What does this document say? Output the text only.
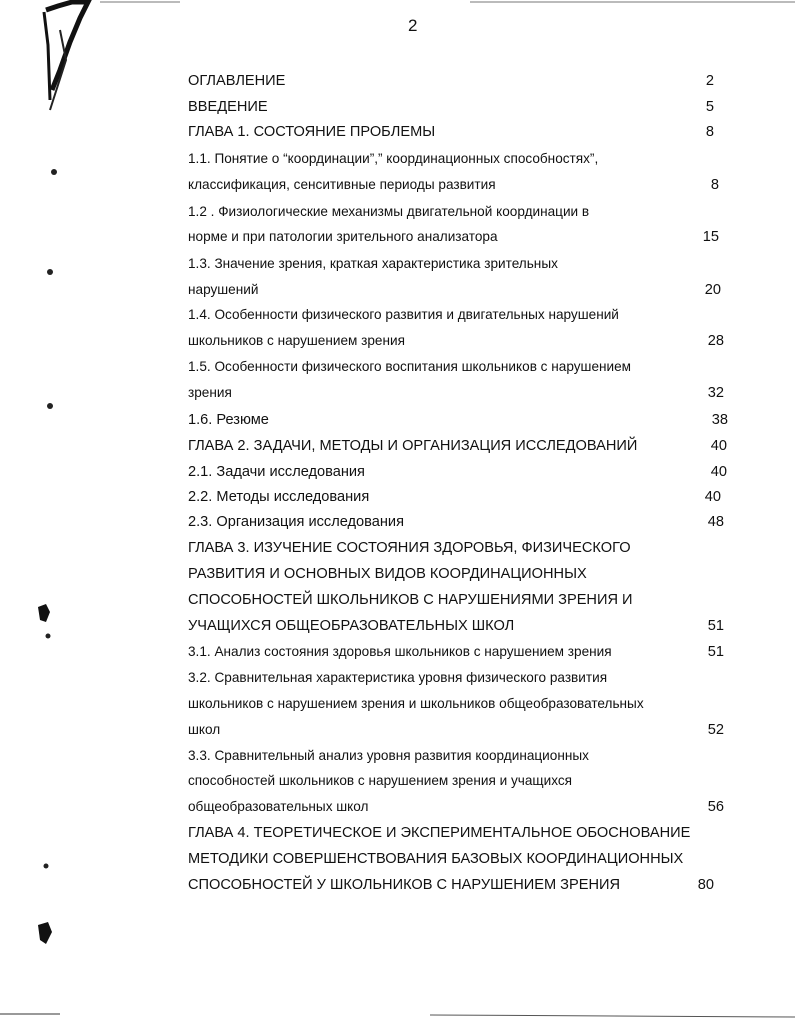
2
ОГЛАВЛЕНИЕ	2
ВВЕДЕНИЕ	5
ГЛАВА 1. СОСТОЯНИЕ ПРОБЛЕМЫ	8
1.1. Понятие о “координации”,” координационных способностях”,
классификация, сенситивные периоды развития	8
1.2 . Физиологические механизмы двигательной координации в
норме и при патологии зрительного анализатора	15
1.3. Значение зрения, краткая характеристика зрительных
нарушений	20
1.4. Особенности физического развития и двигательных нарушений
школьников с нарушением зрения	28
1.5. Особенности физического воспитания школьников с нарушением
зрения	32
1.6. Резюме	38
ГЛАВА 2. ЗАДАЧИ, МЕТОДЫ И ОРГАНИЗАЦИЯ ИССЛЕДОВАНИЙ	40
2.1. Задачи исследования	40
2.2. Методы исследования	40
2.3. Организация исследования	48
ГЛАВА 3. ИЗУЧЕНИЕ СОСТОЯНИЯ ЗДОРОВЬЯ, ФИЗИЧЕСКОГО
РАЗВИТИЯ И ОСНОВНЫХ ВИДОВ КООРДИНАЦИОННЫХ
СПОСОБНОСТЕЙ ШКОЛЬНИКОВ С НАРУШЕНИЯМИ ЗРЕНИЯ И
УЧАЩИХСЯ ОБЩЕОБРАЗОВАТЕЛЬНЫХ ШКОЛ	51
3.1. Анализ состояния здоровья школьников с нарушением зрения	51
3.2. Сравнительная характеристика уровня физического развития
школьников с нарушением зрения и школьников общеобразовательных
школ	52
3.3. Сравнительный анализ уровня развития координационных
способностей школьников с нарушением зрения и учащихся
общеобразовательных школ	56
ГЛАВА 4. ТЕОРЕТИЧЕСКОЕ И ЭКСПЕРИМЕНТАЛЬНОЕ ОБОСНОВАНИЕ
МЕТОДИКИ СОВЕРШЕНСТВОВАНИЯ БАЗОВЫХ КООРДИНАЦИОННЫХ
СПОСОБНОСТЕЙ У ШКОЛЬНИКОВ С НАРУШЕНИЕМ ЗРЕНИЯ	80
